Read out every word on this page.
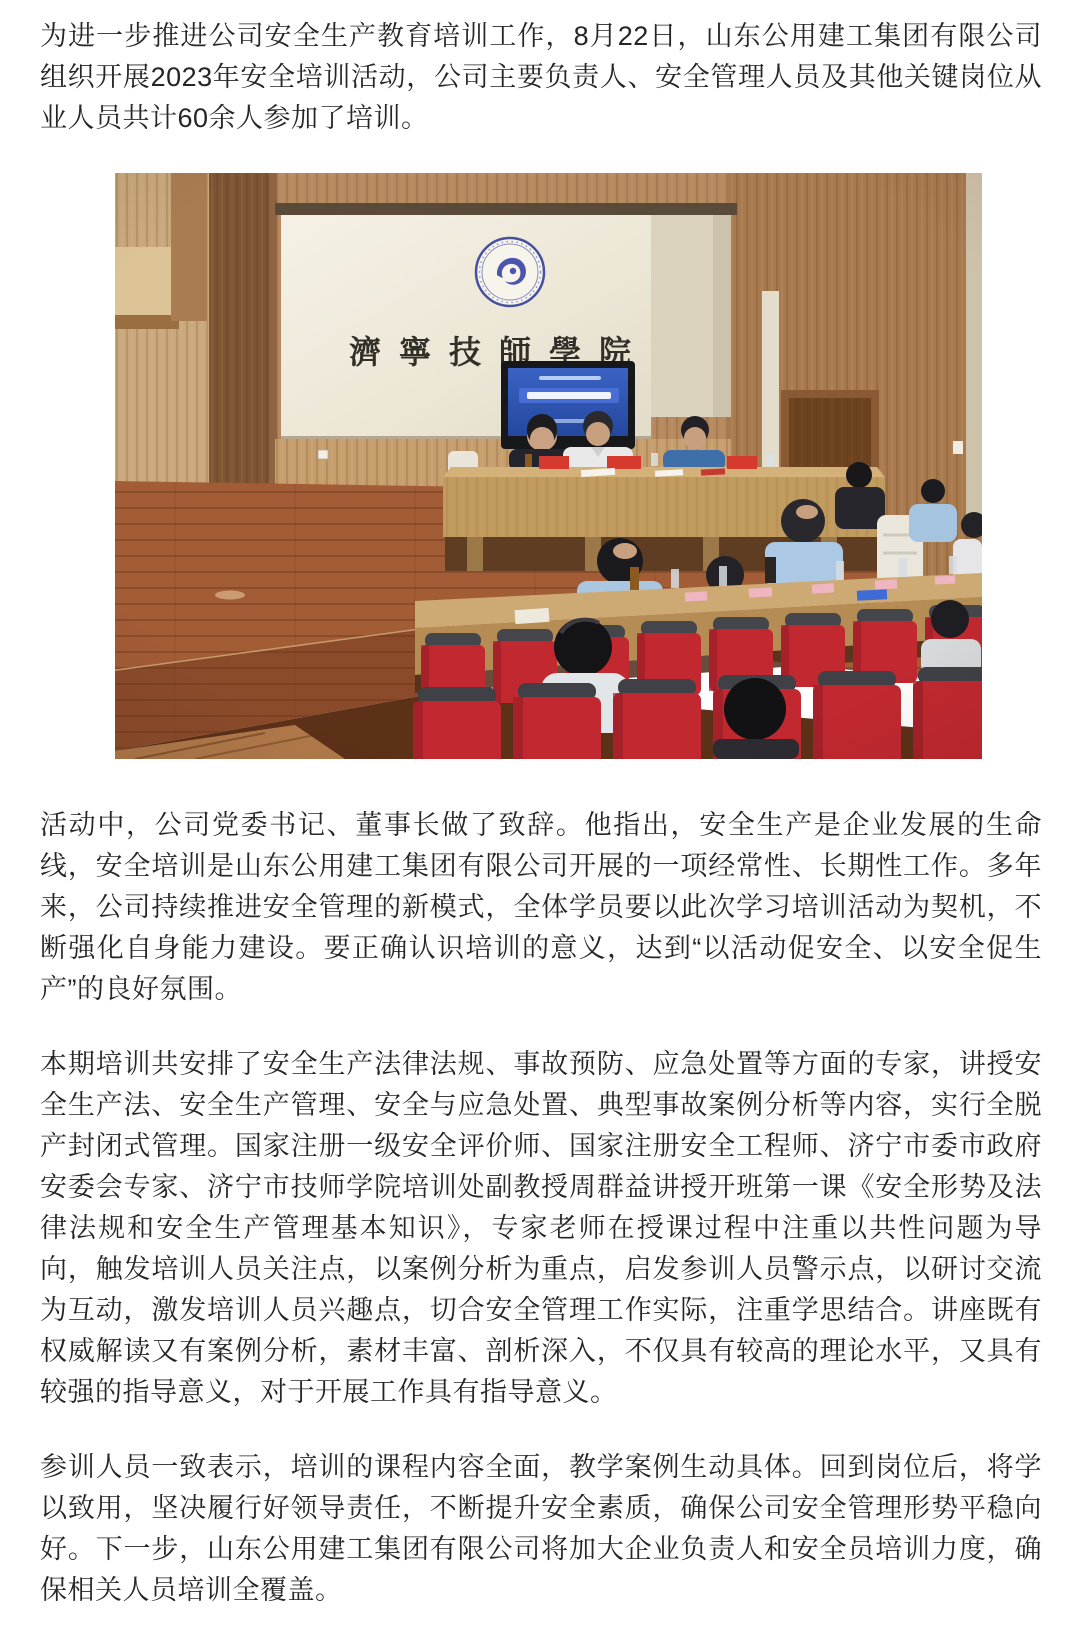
为进一步推进公司安全生产教育培训工作，8月22日，山东公用建工集团有限公司组织开展2023年安全培训活动，公司主要负责人、安全管理人员及其他关键岗位从业人员共计60余人参加了培训。

活动中，公司党委书记、董事长做了致辞。他指出，安全生产是企业发展的生命线，安全培训是山东公用建工集团有限公司开展的一项经常性、长期性工作。多年来，公司持续推进安全管理的新模式，全体学员要以此次学习培训活动为契机，不断强化自身能力建设。要正确认识培训的意义，达到“以活动促安全、以安全促生产”的良好氛围。

本期培训共安排了安全生产法律法规、事故预防、应急处置等方面的专家，讲授安全生产法、安全生产管理、安全与应急处置、典型事故案例分析等内容，实行全脱产封闭式管理。国家注册一级安全评价师、国家注册安全工程师、济宁市委市政府安委会专家、济宁市技师学院培训处副教授周群益讲授开班第一课《安全形势及法律法规和安全生产管理基本知识》，专家老师在授课过程中注重以共性问题为导向，触发培训人员关注点，以案例分析为重点，启发参训人员警示点，以研讨交流为互动，激发培训人员兴趣点，切合安全管理工作实际，注重学思结合。讲座既有权威解读又有案例分析，素材丰富、剖析深入，不仅具有较高的理论水平，又具有较强的指导意义，对于开展工作具有指导意义。

参训人员一致表示，培训的课程内容全面，教学案例生动具体。回到岗位后，将学以致用，坚决履行好领导责任，不断提升安全素质，确保公司安全管理形势平稳向好。下一步，山东公用建工集团有限公司将加大企业负责人和安全员培训力度，确保相关人员培训全覆盖。
